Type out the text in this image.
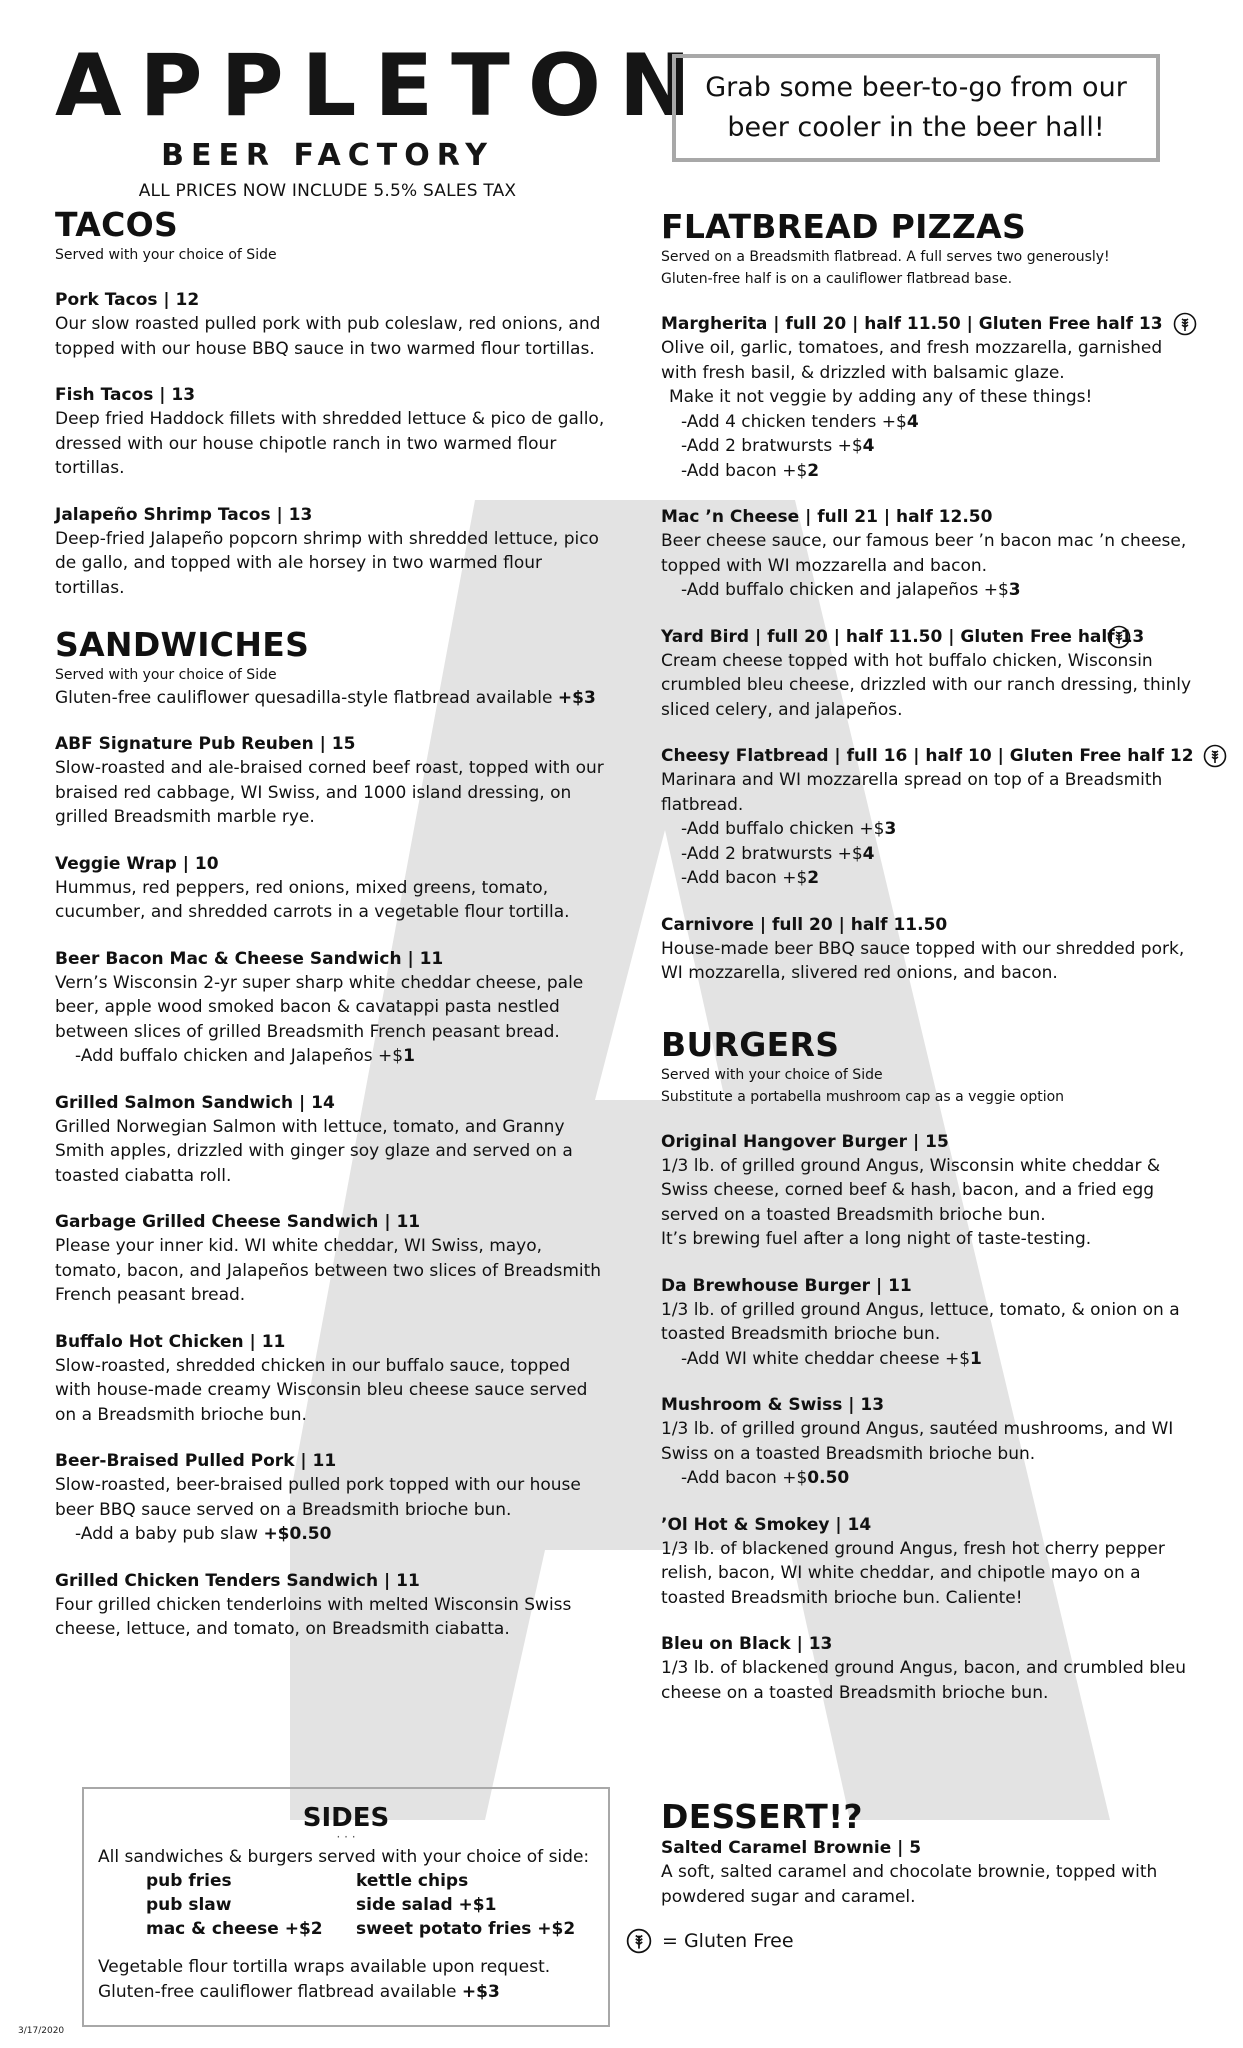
APPLETON
BEER FACTORY
ALL PRICES NOW INCLUDE 5.5% SALES TAX
Grab some beer-to-go from our beer cooler in the beer hall!
TACOS
Served with your choice of Side
Pork Tacos | 12
Our slow roasted pulled pork with pub coleslaw, red onions, and topped with our house BBQ sauce in two warmed flour tortillas.
Fish Tacos | 13
Deep fried Haddock fillets with shredded lettuce & pico de gallo, dressed with our house chipotle ranch in two warmed flour tortillas.
Jalapeño Shrimp Tacos | 13
Deep-fried Jalapeño popcorn shrimp with shredded lettuce, pico de gallo, and topped with ale horsey in two warmed flour tortillas.
SANDWICHES
Served with your choice of Side
Gluten-free cauliflower quesadilla-style flatbread available +$3
ABF Signature Pub Reuben | 15
Slow-roasted and ale-braised corned beef roast, topped with our braised red cabbage, WI Swiss, and 1000 island dressing, on grilled Breadsmith marble rye.
Veggie Wrap | 10
Hummus, red peppers, red onions, mixed greens, tomato, cucumber, and shredded carrots in a vegetable flour tortilla.
Beer Bacon Mac & Cheese Sandwich | 11
Vern’s Wisconsin 2-yr super sharp white cheddar cheese, pale beer, apple wood smoked bacon & cavatappi pasta nestled between slices of grilled Breadsmith French peasant bread.
-Add buffalo chicken and Jalapeños +$1
Grilled Salmon Sandwich | 14
Grilled Norwegian Salmon with lettuce, tomato, and Granny Smith apples, drizzled with ginger soy glaze and served on a toasted ciabatta roll.
Garbage Grilled Cheese Sandwich | 11
Please your inner kid. WI white cheddar, WI Swiss, mayo, tomato, bacon, and Jalapeños between two slices of Breadsmith French peasant bread.
Buffalo Hot Chicken | 11
Slow-roasted, shredded chicken in our buffalo sauce, topped with house-made creamy Wisconsin bleu cheese sauce served on a Breadsmith brioche bun.
Beer-Braised Pulled Pork | 11
Slow-roasted, beer-braised pulled pork topped with our house beer BBQ sauce served on a Breadsmith brioche bun.
-Add a baby pub slaw +$0.50
Grilled Chicken Tenders Sandwich | 11
Four grilled chicken tenderloins with melted Wisconsin Swiss cheese, lettuce, and tomato, on Breadsmith ciabatta.
FLATBREAD PIZZAS
Served on a Breadsmith flatbread. A full serves two generously!
Gluten-free half is on a cauliflower flatbread base.
Margherita | full 20 | half 11.50 | Gluten Free half 13
Olive oil, garlic, tomatoes, and fresh mozzarella, garnished with fresh basil, & drizzled with balsamic glaze.
Make it not veggie by adding any of these things!
-Add 4 chicken tenders +$4
-Add 2 bratwursts +$4
-Add bacon +$2
Mac ’n Cheese | full 21 | half 12.50
Beer cheese sauce, our famous beer ’n bacon mac ’n cheese, topped with WI mozzarella and bacon.
-Add buffalo chicken and jalapeños +$3
Yard Bird | full 20 | half 11.50 | Gluten Free half 13
Cream cheese topped with hot buffalo chicken, Wisconsin crumbled bleu cheese, drizzled with our ranch dressing, thinly sliced celery, and jalapeños.
Cheesy Flatbread | full 16 | half 10 | Gluten Free half 12
Marinara and WI mozzarella spread on top of a Breadsmith flatbread.
-Add buffalo chicken +$3
-Add 2 bratwursts +$4
-Add bacon +$2
Carnivore | full 20 | half 11.50
House-made beer BBQ sauce topped with our shredded pork, WI mozzarella, slivered red onions, and bacon.
BURGERS
Served with your choice of Side
Substitute a portabella mushroom cap as a veggie option
Original Hangover Burger | 15
1/3 lb. of grilled ground Angus, Wisconsin white cheddar & Swiss cheese, corned beef & hash, bacon, and a fried egg served on a toasted Breadsmith brioche bun.
It’s brewing fuel after a long night of taste-testing.
Da Brewhouse Burger | 11
1/3 lb. of grilled ground Angus, lettuce, tomato, & onion on a toasted Breadsmith brioche bun.
-Add WI white cheddar cheese +$1
Mushroom & Swiss | 13
1/3 lb. of grilled ground Angus, sautéed mushrooms, and WI Swiss on a toasted Breadsmith brioche bun.
-Add bacon +$0.50
’Ol Hot & Smokey | 14
1/3 lb. of blackened ground Angus, fresh hot cherry pepper relish, bacon, WI white cheddar, and chipotle mayo on a toasted Breadsmith brioche bun. Caliente!
Bleu on Black | 13
1/3 lb. of blackened ground Angus, bacon, and crumbled bleu cheese on a toasted Breadsmith brioche bun.
SIDES
· · ·
All sandwiches & burgers served with your choice of side:
pub fries	kettle chips
pub slaw	side salad +$1
mac & cheese +$2	sweet potato fries +$2
Vegetable flour tortilla wraps available upon request.
Gluten-free cauliflower flatbread available +$3
DESSERT!?
Salted Caramel Brownie | 5
A soft, salted caramel and chocolate brownie, topped with powdered sugar and caramel.
= Gluten Free
3/17/2020
